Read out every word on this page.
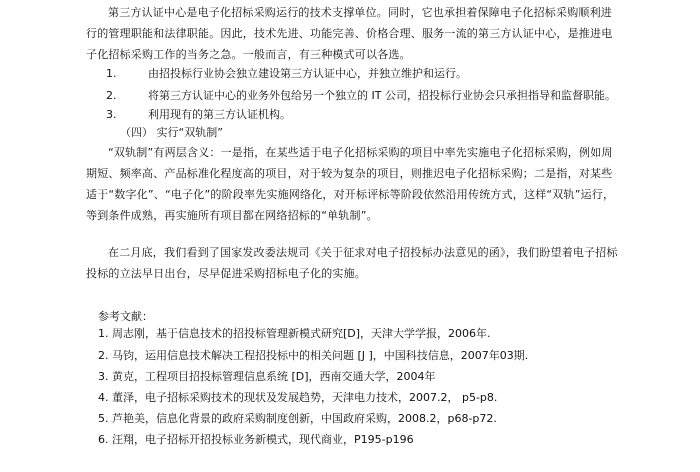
第三方认证中心是电子化招标采购运行的技术支撑单位。同时，它也承担着保障电子化招标采购顺利进行的管理职能和法律职能。因此，技术先进、功能完善、价格合理、服务一流的第三方认证中心，是推进电子化招标采购工作的当务之急。一般而言，有三种模式可以各选。

1.	由招投标行业协会独立建设第三方认证中心，并独立维护和运行。
2.	将第三方认证中心的业务外包给另一个独立的 IT 公司，招投标行业协会只承担指导和监督职能。
3.	利用现有的第三方认证机构。
（四） 实行“双轨制”

“双轨制”有两层含义：一是指，在某些适于电子化招标采购的项目中率先实施电子化招标采购，例如周期短、频率高、产品标准化程度高的项目，对于较为复杂的项目，则推迟电子化招标采购；二是指，对某些适于“数字化”、“电子化”的阶段率先实施网络化，对开标评标等阶段依然沿用传统方式，这样“双轨”运行，等到条件成熟，再实施所有项目都在网络招标的“单轨制”。

在二月底，我们看到了国家发改委法规司《关于征求对电子招投标办法意见的函》，我们盼望着电子招标投标的立法早日出台，尽早促进采购招标电子化的实施。

参考文献：
1. 周志刚，基于信息技术的招投标管理新模式研究[D]，天津大学学报，2006年.
2. 马钧，运用信息技术解决工程招投标中的相关问题 [J ]，中国科技信息，2007年03期.
3. 黄克，工程项目招投标管理信息系统 [D]，西南交通大学，2004年
4. 董泽，电子招标采购技术的现状及发展趋势，天津电力技术，2007.2， p5-p8.
5. 芦艳美，信息化背景的政府采购制度创新，中国政府采购，2008.2，p68-p72.
6. 汪翔，电子招标开招投标业务新模式，现代商业，P195-p196
